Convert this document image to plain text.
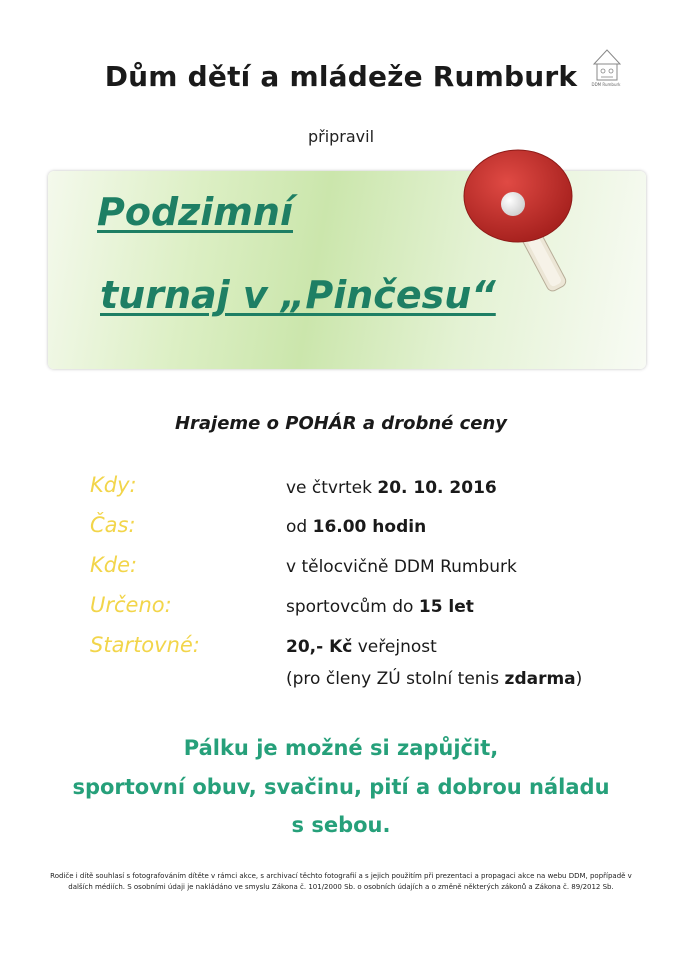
Dům dětí a mládeže Rumburk	DDM Rumburk
připravil
Podzimní
turnaj v „Pinčesu“
Hrajeme o POHÁR a drobné ceny
Kdy:	ve čtvrtek 20. 10. 2016
Čas:	od 16.00 hodin
Kde:	v tělocvičně DDM Rumburk
Určeno:	sportovcům do 15 let
Startovné:	20,- Kč veřejnost
(pro členy ZÚ stolní tenis zdarma)
Pálku je možné si zapůjčit,
sportovní obuv, svačinu, pití a dobrou náladu
s sebou.
Rodiče i dítě souhlasí s fotografováním dítěte v rámci akce, s archivací těchto fotografií a s jejich použitím při prezentaci a propagaci akce na webu DDM, popřípadě v dalších médiích. S osobními údaji je nakládáno ve smyslu Zákona č. 101/2000 Sb. o osobních údajích a o změně některých zákonů a Zákona č. 89/2012 Sb.
